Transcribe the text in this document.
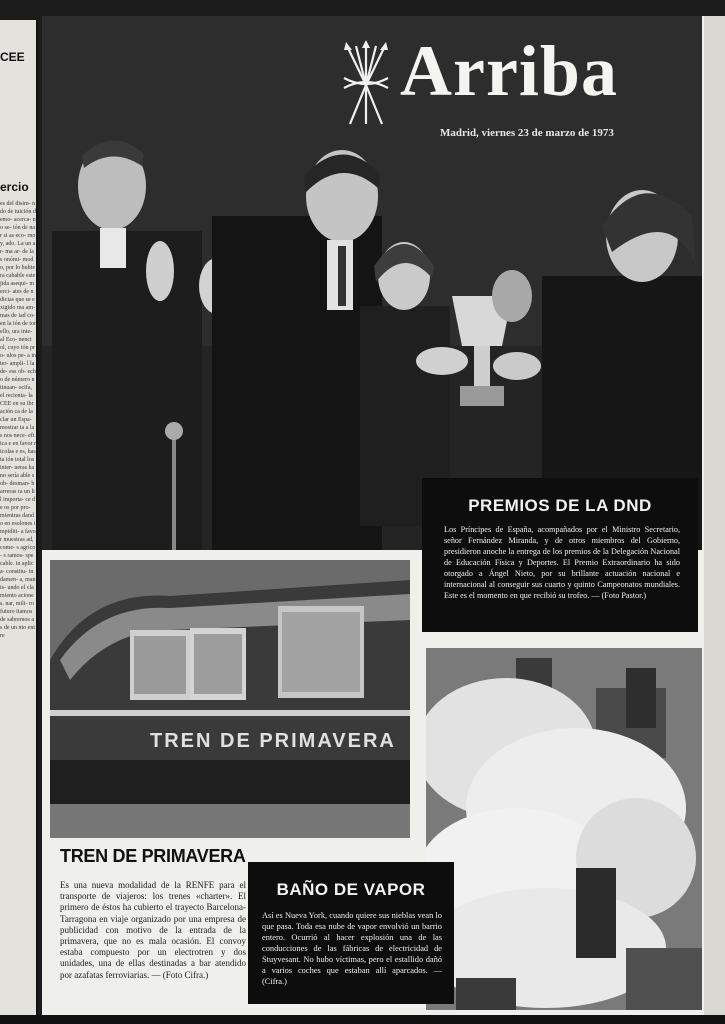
CEE
ercio
es del disim- ndo de tuición demo- acerca- no se- ión de nar si as eco- rno y, ado. La un ar- ma ar- de las onómi- modo, por lo hubiera cabable estejida asequi- merci- ates de ndicias que se exigido ma am- mas de iad co- en la ión de tor ello, ura inte- al Eco- nenci ol, cuyo ión pro- ulos pe- a inter- ampli- l la de- ess ob- echo de número ntinuan- ocifa, el recienta- la CEE en su ibración ca de la clar un Espa- mostrar ta a las nos nece- eftica e en favor ricolas e es, hasta ión total los inter- ueras ha no sería able sob- desman- barreras ra un lil importa- ce de os por pro- mientras dando en esolones impiditi- a favor muestras ad, come- s agríco- s ramos- specable. in aplica- constitu- indamen- a, manis- undo el clamiento aciones. nar, mili- ro futuro iiamos de sabremos as de un nto entre
Arriba
Madrid, viernes 23 de marzo de 1973
PREMIOS DE LA DND

Los Príncipes de España, acompañados por el Ministro Secretario, señor Fernández Miranda, y de otros miembros del Gobierno, presidieron anoche la entrega de los premios de la Delegación Nacional de Educación Física y Deportes. El Premio Extraordinario ha sido otorgado a Ángel Nieto, por su brillante actuación nacional e internacional al conseguir sus cuarto y quinto Campeonatos mundiales. Este es el momento en que recibió su trofeo. — (Foto Pastor.)

TREN DE PRIMAVERA
TREN DE PRIMAVERA
Es una nueva modalidad de la RENFE para el transporte de viajeros: los trenes «charter». El primero de éstos ha cubierto el trayecto Barcelona-Tarragona en viaje organizado por una empresa de publicidad con motivo de la entrada de la primavera, que no es mala ocasión. El convoy estaba compuesto por un electrotren y dos unidades, una de ellas destinadas a bar atendido por azafatas ferroviarias. — (Foto Cifra.)
BAÑO DE VAPOR

Así es Nueva York, cuando quiere sus nieblas vean lo que pasa. Toda esa nube de vapor envolvió un barrio entero. Ocurrió al hacer explosión una de las conducciones de las fábricas de electricidad de Stuyvesant. No hubo víctimas, pero el estallido dañó a varios coches que estaban allí aparcados. — (Cifra.)
